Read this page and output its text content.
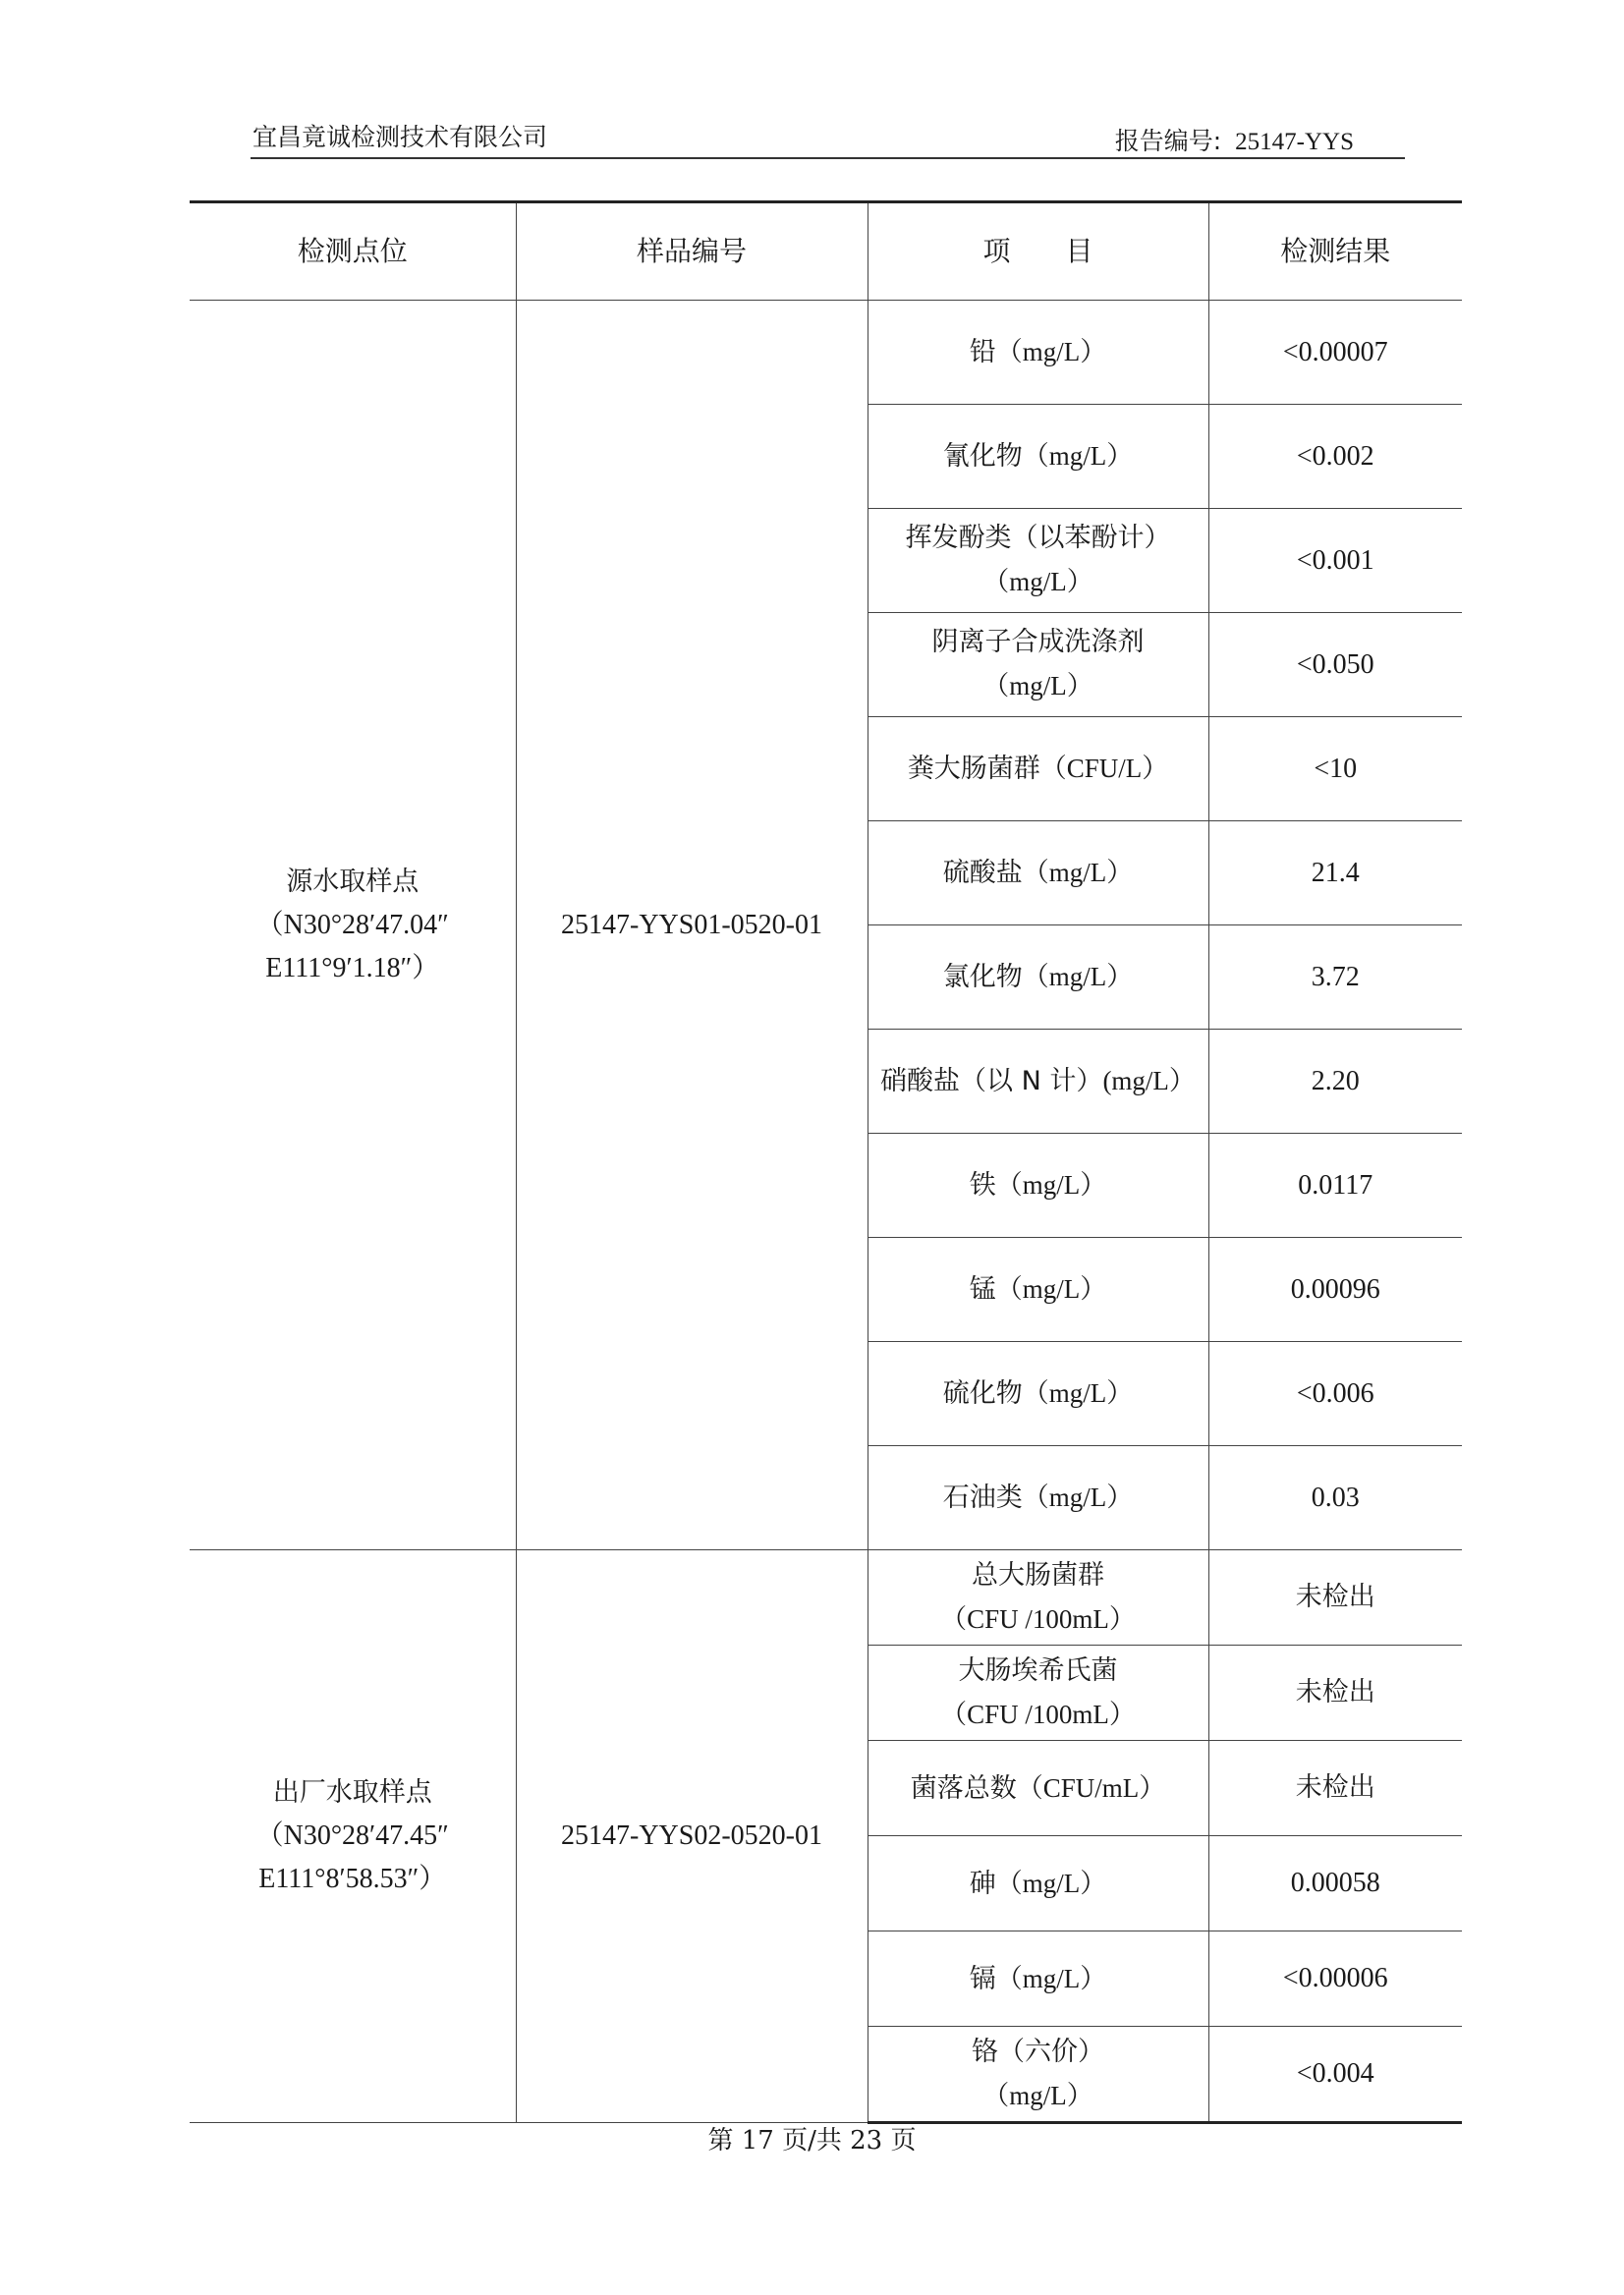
宜昌竟诚检测技术有限公司	报告编号: 25147-YYS
检测点位	样品编号	项　　目	检测结果

源水取样点
（N30°28′47.04″
E111°9′1.18″）	25147-YYS01-0520-01	铅（mg/L）	<0.00007
		氰化物（mg/L）	<0.002
		挥发酚类（以苯酚计）
（mg/L）	<0.001
		阴离子合成洗涤剂
（mg/L）	<0.050
		粪大肠菌群（CFU/L）	<10
		硫酸盐（mg/L）	21.4
		氯化物（mg/L）	3.72
		硝酸盐（以 N 计）(mg/L）	2.20
		铁（mg/L）	0.0117
		锰（mg/L）	0.00096
		硫化物（mg/L）	<0.006
		石油类（mg/L）	0.03

出厂水取样点
（N30°28′47.45″
E111°8′58.53″）	25147-YYS02-0520-01	总大肠菌群
（CFU /100mL）	未检出
		大肠埃希氏菌
（CFU /100mL）	未检出
		菌落总数（CFU/mL）	未检出
		砷（mg/L）	0.00058
		镉（mg/L）	<0.00006
		铬（六价）
（mg/L）	<0.004
第 17 页/共 23 页
